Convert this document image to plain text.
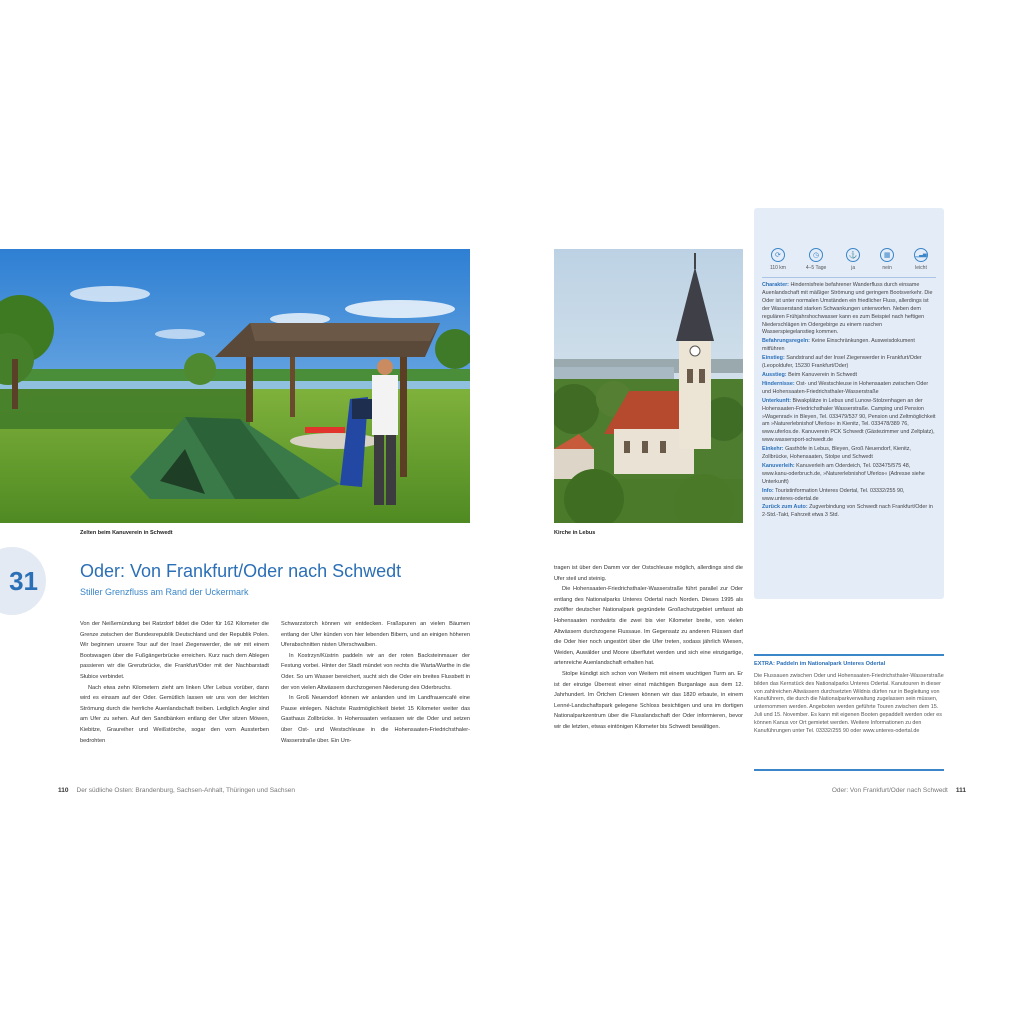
Zelten beim Kanuverein in Schwedt
31 Oder: Von Frankfurt/Oder nach Schwedt
Stiller Grenzfluss am Rand der Uckermark

Von der Neißemündung bei Ratzdorf bildet die Oder für 162 Kilometer die Grenze zwischen der Bundesrepublik Deutschland und der Republik Polen. Wir beginnen unsere Tour auf der Insel Ziegenwerder, die wir mit einem Bootswagen über die Fußgängerbrücke erreichen. Kurz nach dem Ablegen passieren wir die Grenzbrücke, die Frankfurt/Oder mit der Nachbarstadt Słubice verbindet.

Nach etwa zehn Kilometern zieht am linken Ufer Lebus vorüber, dann wird es einsam auf der Oder. Gemütlich lassen wir uns von der leichten Strömung durch die herrliche Auenlandschaft treiben. Lediglich Angler sind am Ufer zu sehen. Auf den Sandbänken entlang der Ufer sitzen Möwen, Kiebitze, Graureiher und Weißstörche, sogar den vom Aussterben bedrohten

Schwarzstorch können wir entdecken. Fraßspuren an vielen Bäumen entlang der Ufer künden von hier lebenden Bibern, und an einigen höheren Uferabschnitten nisten Uferschwalben.

In Kostrzyn/Küstrin paddeln wir an der roten Backsteinmauer der Festung vorbei. Hinter der Stadt mündet von rechts die Warta/Warthe in die Oder. So um Wasser bereichert, sucht sich die Oder ein breites Flussbett in der von vielen Altwässern durchzogenen Niederung des Oderbruchs.

In Groß Neuendorf können wir anlanden und im Landfrauencafé eine Pause einlegen. Nächste Rastmöglichkeit bietet 15 Kilometer weiter das Gasthaus Zollbrücke. In Hohensaaten verlassen wir die Oder und setzen über Ost- und Westschleuse in die Hohensaaten-Friedrichsthaler-Wasserstraße über. Ein Um-

110 Der südliche Osten: Brandenburg, Sachsen-Anhalt, Thüringen und Sachsen
Kirche in Lebus

tragen ist über den Damm vor der Ostschleuse möglich, allerdings sind die Ufer steil und steinig.

Die Hohensaaten-Friedrichsthaler-Wasserstraße führt parallel zur Oder entlang des Nationalparks Unteres Odertal nach Norden. Dieses 1995 als zwölfter deutscher Nationalpark gegründete Großschutzgebiet umfasst ab Hohensaaten nordwärts die zwei bis vier Kilometer breite, von vielen Altwässern durchzogene Flussaue. Im Gegensatz zu anderen Flüssen darf die Oder hier noch ungestört über die Ufer treten, sodass jährlich Wiesen, Weiden, Auwälder und Moore überflutet werden und sich eine einzigartige, artenreiche Auenlandschaft erhalten hat.

Stolpe kündigt sich schon von Weitem mit einem wuchtigen Turm an. Er ist der einzige Überrest einer einst mächtigen Burganlage aus dem 12. Jahrhundert. Im Örtchen Criewen können wir das 1820 erbaute, in einem Lenné-Landschaftspark gelegene Schloss besichtigen und uns im dortigen Nationalparkzentrum über die Flusslandschaft der Oder informieren, bevor wir die letzten, etwas eintönigen Kilometer bis Schwedt bewältigen.

⟳
110 km
◷
4–5 Tage
⚓
ja
▦
nein
▁▃▅
leicht

Charakter: Hindernisfreie befahrener Wanderfluss durch einsame Auenlandschaft mit mäßiger Strömung und geringem Bootsverkehr. Die Oder ist unter normalen Umständen ein friedlicher Fluss, allerdings ist der Wasserstand starken Schwankungen unterworfen. Neben dem regulären Frühjahrshochwasser kann es zum Beispiel nach heftigen Niederschlägen im Odergebirge zu einem raschen Wasserspiegelanstieg kommen.

Befahrungsregeln: Keine Einschränkungen. Ausweisdokument mitführen

Einstieg: Sandstrand auf der Insel Ziegenwerder in Frankfurt/Oder (Leopoldufer, 15230 Frankfurt/Oder)

Ausstieg: Beim Kanuverein in Schwedt

Hindernisse: Ost- und Westschleuse in Hohensaaten zwischen Oder und Hohensaaten-Friedrichsthaler-Wasserstraße

Unterkunft: Biwakplätze in Lebus und Lunow-Stolzenhagen an der Hohensaaten-Friedrichsthaler Wasserstraße. Camping und Pension »Wagenrad« in Bleyen, Tel. 033479/537 90, Pension und Zeltmöglichkeit am »Naturerlebnishof Uferlos« in Kienitz, Tel. 033478/389 76, www.uferlos.de. Kanuverein PCK Schwedt (Gästezimmer und Zeltplatz), www.wassersport-schwedt.de

Einkehr: Gasthöfe in Lebus, Bleyen, Groß Neuendorf, Kienitz, Zollbrücke, Hohensaaten, Stolpe und Schwedt

Kanuverleih: Kanuverleih am Oderdeich, Tel. 033475/575 48, www.kanu-oderbruch.de, »Naturerlebnishof Uferlos« (Adresse siehe Unterkunft)

Info: Touristinformation Unteres Odertal, Tel. 03332/255 90, www.unteres-odertal.de

Zurück zum Auto: Zugverbindung von Schwedt nach Frankfurt/Oder in 2-Std.-Takt, Fahrzeit etwa 3 Std.

EXTRA: Paddeln im Nationalpark Unteres Odertal
Die Flussauen zwischen Oder und Hohensaaten-Friedrichsthaler-Wasserstraße bilden das Kernstück des Nationalparks Unteres Odertal. Kanutouren in dieser von zahlreichen Altwässern durchsetzten Wildnis dürfen nur in Begleitung von Kanuführern, die durch die Nationalparkverwaltung zugelassen sein müssen, unternommen werden. Angeboten werden geführte Touren zwischen dem 15. Juli und 15. November. Es kann mit eigenen Booten gepaddelt werden oder es können Kanus vor Ort gemietet werden. Weitere Informationen zu den Kanuführungen unter Tel. 03332/255 90 oder www.unteres-odertal.de
Oder: Von Frankfurt/Oder nach Schwedt 111
